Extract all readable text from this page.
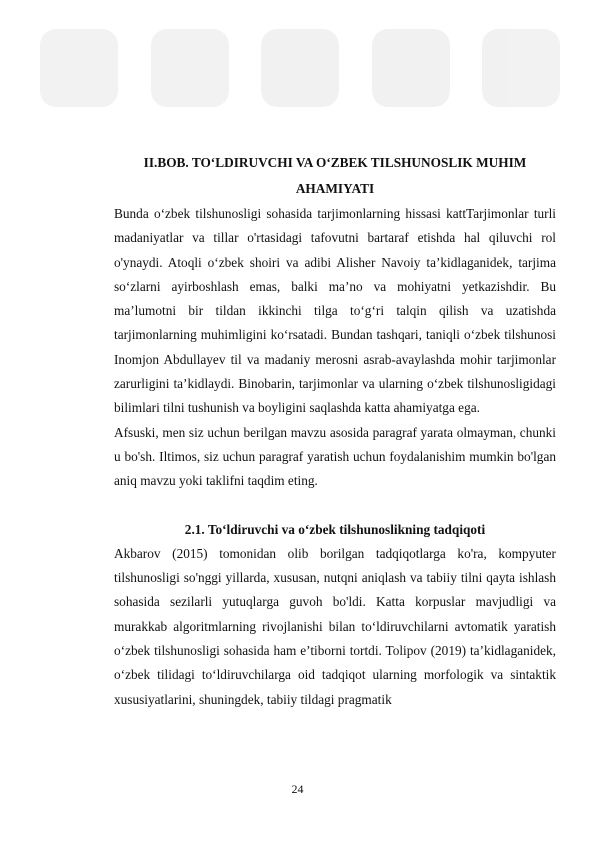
II.BOB. TO‘LDIRUVCHI VA O‘ZBEK TILSHUNOSLIK MUHIM AHAMIYATI

Bunda o‘zbek tilshunosligi sohasida tarjimonlarning hissasi kattTarjimonlar turli madaniyatlar va tillar o'rtasidagi tafovutni bartaraf etishda hal qiluvchi rol o'ynaydi. Atoqli o‘zbek shoiri va adibi Alisher Navoiy ta’kidlaganidek, tarjima so‘zlarni ayirboshlash emas, balki ma’no va mohiyatni yetkazishdir. Bu ma’lumotni bir tildan ikkinchi tilga to‘g‘ri talqin qilish va uzatishda tarjimonlarning muhimligini ko‘rsatadi. Bundan tashqari, taniqli o‘zbek tilshunosi Inomjon Abdullayev til va madaniy merosni asrab-avaylashda mohir tarjimonlar zarurligini ta’kidlaydi. Binobarin, tarjimonlar va ularning o‘zbek tilshunosligidagi bilimlari tilni tushunish va boyligini saqlashda katta ahamiyatga ega.

Afsuski, men siz uchun berilgan mavzu asosida paragraf yarata olmayman, chunki u bo'sh. Iltimos, siz uchun paragraf yaratish uchun foydalanishim mumkin bo'lgan aniq mavzu yoki taklifni taqdim eting.

2.1. To‘ldiruvchi va o‘zbek tilshunoslikning tadqiqoti

Akbarov (2015) tomonidan olib borilgan tadqiqotlarga ko'ra, kompyuter tilshunosligi so'nggi yillarda, xususan, nutqni aniqlash va tabiiy tilni qayta ishlash sohasida sezilarli yutuqlarga guvoh bo'ldi. Katta korpuslar mavjudligi va murakkab algoritmlarning rivojlanishi bilan to‘ldiruvchilarni avtomatik yaratish o‘zbek tilshunosligi sohasida ham e’tiborni tortdi. Tolipov (2019) ta’kidlaganidek, o‘zbek tilidagi to‘ldiruvchilarga oid tadqiqot ularning morfologik va sintaktik xususiyatlarini, shuningdek, tabiiy tildagi pragmatik

24
